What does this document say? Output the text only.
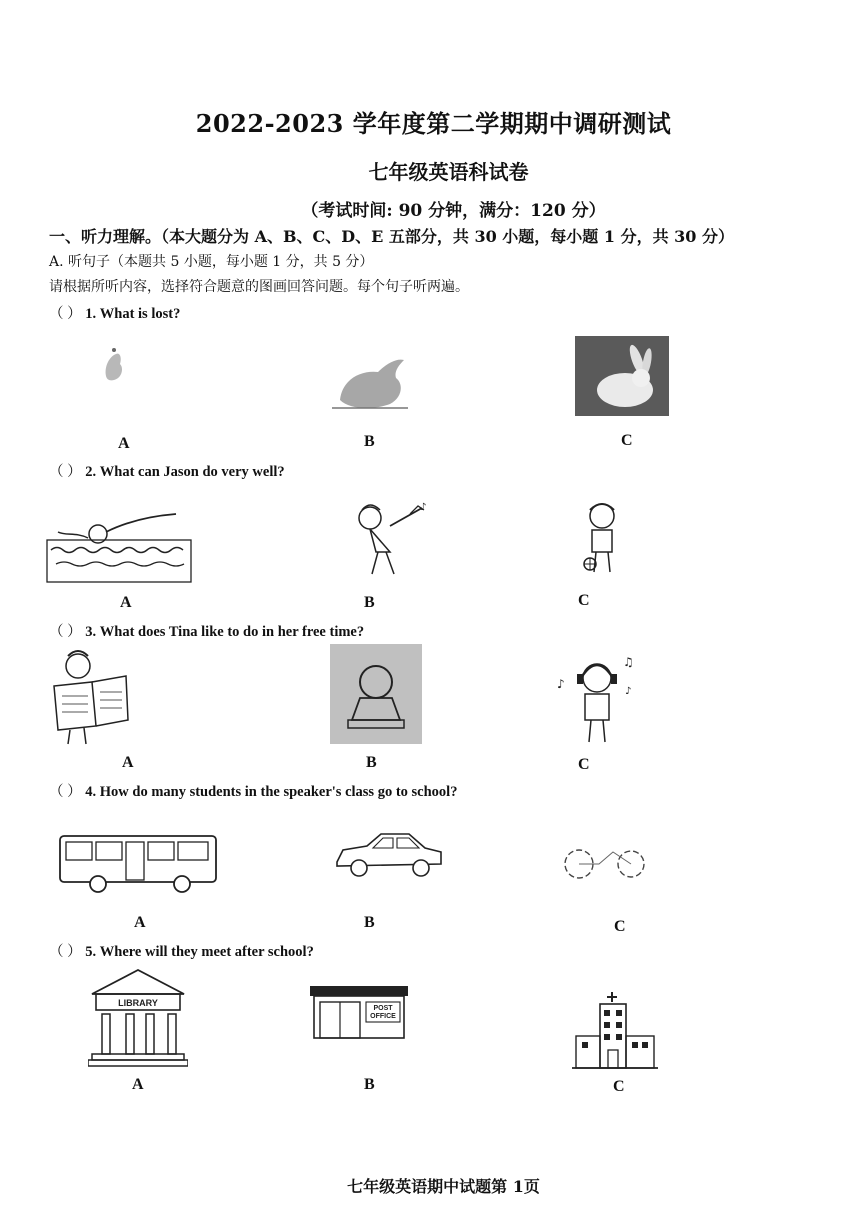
2022-2023 学年度第二学期期中调研测试
七年级英语科试卷
（考试时间: 90 分钟，满分：120 分）
一、听力理解。（本大题分为 A、B、C、D、E 五部分，共 30 小题，每小题 1 分，共 30 分）
A. 听句子（本题共 5 小题，每小题 1 分，共 5 分）
请根据所听内容，选择符合题意的图画回答问题。每个句子听两遍。
（ ） 1. What is lost?
A	B	C
（ ） 2. What can Jason do very well?
♪
A	B	C
（ ） 3. What does Tina like to do in her free time?
♪
♫
♪
A	B	C
（ ） 4. How do many students in the speaker's class go to school?
A	B	C
（ ） 5. Where will they meet after school?
LIBRARY
POST
OFFICE
A	B	C
七年级英语期中试题第 1页
